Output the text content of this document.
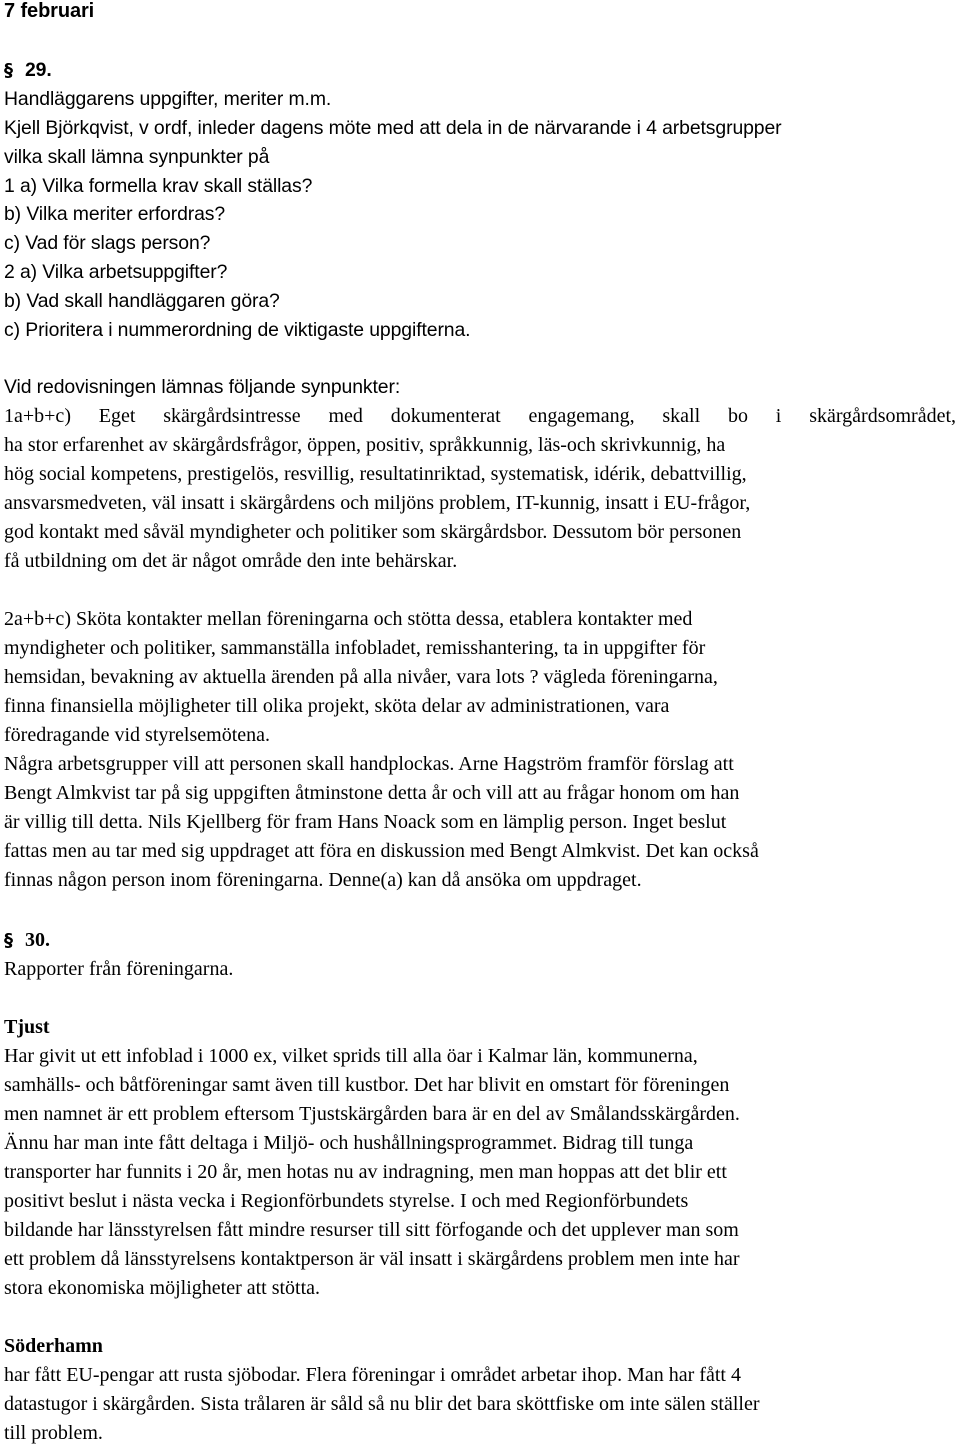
7 februari
§ 29.
Handläggarens uppgifter, meriter m.m.
Kjell Björkqvist, v ordf, inleder dagens möte med att dela in de närvarande i 4 arbetsgrupper
vilka skall lämna synpunkter på
1 a) Vilka formella krav skall ställas?
b) Vilka meriter erfordras?
c) Vad för slags person?
2 a) Vilka arbetsuppgifter?
b) Vad skall handläggaren göra?
c) Prioritera i nummerordning de viktigaste uppgifterna.
Vid redovisningen lämnas följande synpunkter:
1a+b+c) Eget skärgårdsintresse med dokumenterat engagemang, skall bo i skärgårdsområdet,
ha stor erfarenhet av skärgårdsfrågor, öppen, positiv, språkkunnig, läs-och skrivkunnig, ha
hög social kompetens, prestigelös, resvillig, resultatinriktad, systematisk, idérik, debattvillig,
ansvarsmedveten, väl insatt i skärgårdens och miljöns problem, IT-kunnig, insatt i EU-frågor,
god kontakt med såväl myndigheter och politiker som skärgårdsbor. Dessutom bör personen
få utbildning om det är något område den inte behärskar.
2a+b+c) Sköta kontakter mellan föreningarna och stötta dessa, etablera kontakter med
myndigheter och politiker, sammanställa infobladet, remisshantering, ta in uppgifter för
hemsidan, bevakning av aktuella ärenden på alla nivåer, vara lots ? vägleda föreningarna,
finna finansiella möjligheter till olika projekt, sköta delar av administrationen, vara
föredragande vid styrelsemötena.
Några arbetsgrupper vill att personen skall handplockas. Arne Hagström framför förslag att
Bengt Almkvist tar på sig uppgiften åtminstone detta år och vill att au frågar honom om han
är villig till detta. Nils Kjellberg för fram Hans Noack som en lämplig person. Inget beslut
fattas men au tar med sig uppdraget att föra en diskussion med Bengt Almkvist. Det kan också
finnas någon person inom föreningarna. Denne(a) kan då ansöka om uppdraget.
§ 30.
Rapporter från föreningarna.
Tjust
Har givit ut ett infoblad i 1000 ex, vilket sprids till alla öar i Kalmar län, kommunerna,
samhälls- och båtföreningar samt även till kustbor. Det har blivit en omstart för föreningen
men namnet är ett problem eftersom Tjustskärgården bara är en del av Smålandsskärgården.
Ännu har man inte fått deltaga i Miljö- och hushållningsprogrammet. Bidrag till tunga
transporter har funnits i 20 år, men hotas nu av indragning, men man hoppas att det blir ett
positivt beslut i nästa vecka i Regionförbundets styrelse. I och med Regionförbundets
bildande har länsstyrelsen fått mindre resurser till sitt förfogande och det upplever man som
ett problem då länsstyrelsens kontaktperson är väl insatt i skärgårdens problem men inte har
stora ekonomiska möjligheter att stötta.
Söderhamn
har fått EU-pengar att rusta sjöbodar. Flera föreningar i området arbetar ihop. Man har fått 4
datastugor i skärgården. Sista trålaren är såld så nu blir det bara sköttfiske om inte sälen ställer
till problem.
